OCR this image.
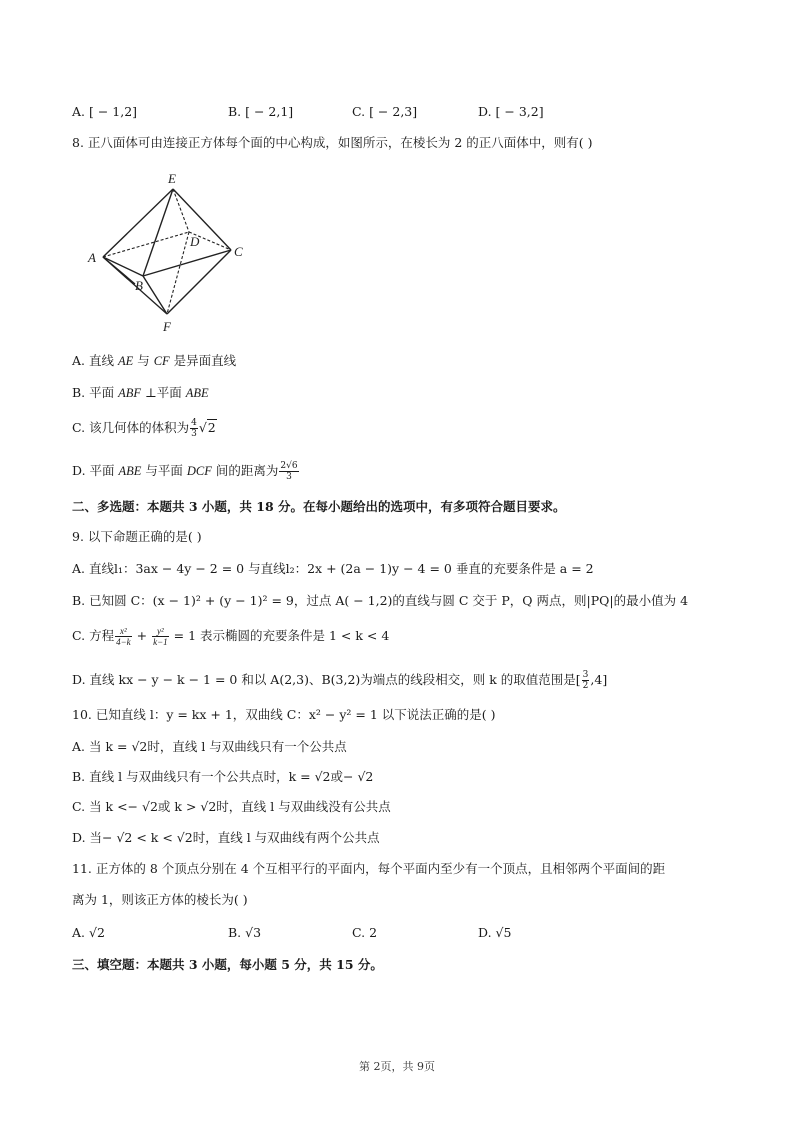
A. [ − 1,2]	B. [ − 2,1]	C. [ − 2,3]	D. [ − 3,2]
8. 正八面体可由连接正方体每个面的中心构成，如图所示，在棱长为 2 的正八面体中，则有( )
E
D
A	C
B
F
A. 直线 AE 与 CF 是异面直线
B. 平面 ABF ⊥平面 ABE
C. 该几何体的体积为 $\frac{4}{3} √2$
D. 平面 ABE 与平面 DCF 间的距离为 $\frac{2√6}{3}$
二、多选题：本题共 3 小题，共 18 分。在每小题给出的选项中，有多项符合题目要求。
9. 以下命题正确的是( )
A. 直线l₁：3ax − 4y − 2 = 0 与直线l₂：2x + (2a − 1)y − 4 = 0 垂直的充要条件是 a = 2
B. 已知圆 C：(x − 1)² + (y − 1)² = 9，过点 A( − 1,2)的直线与圆 C 交于 P，Q 两点，则|PQ|的最小值为 4
C. 方程 $\frac{\text{x²}}{4-k} + \frac{\text{y²}}{k-1} = 1$ 表示椭圆的充要条件是 1 < k < 4
D. 直线 kx − y − k − 1 = 0 和以 A(2,3)、B(3,2)为端点的线段相交，则 k 的取值范围是[ $\frac{3}{2} ,4$]
10. 已知直线 l：y = kx + 1，双曲线 C：x² − y² = 1 以下说法正确的是( )
A. 当 k = √2时，直线 l 与双曲线只有一个公共点
B. 直线 l 与双曲线只有一个公共点时，k = √2或− √2
C. 当 k <− √2或 k > √2时，直线 l 与双曲线没有公共点
D. 当− √2 < k < √2时，直线 l 与双曲线有两个公共点
11. 正方体的 8 个顶点分别在 4 个互相平行的平面内，每个平面内至少有一个顶点，且相邻两个平面间的距
离为 1，则该正方体的棱长为( )
A. √2	B. √3	C. 2	D. √5
三、填空题：本题共 3 小题，每小题 5 分，共 15 分。
第 2页，共 9页
